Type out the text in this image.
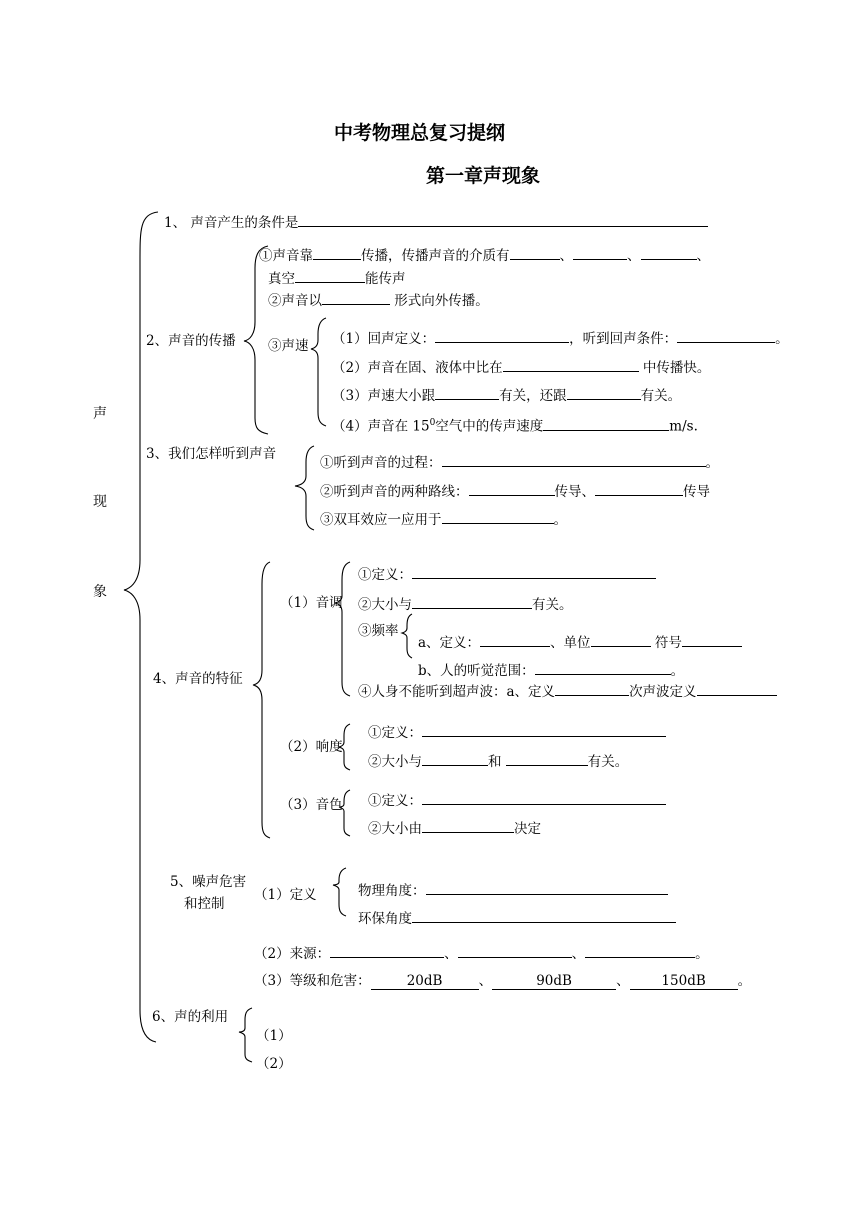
中考物理总复习提纲
第一章声现象
声
现
象
1、 声音产生的条件是
2、声音的传播
①声音靠	传播，传播声音的介质有	、	、	、
真空	能传声
②声音以	形式向外传播。
③声速 （1）回声定义：	，听到回声条件：	。
（2）声音在固、液体中比在	中传播快。
（3）声速大小跟	有关，还跟	有关。
（4）声音在 $15^0$空气中的传声速度	m/s.
3、我们怎样听到声音
①听到声音的过程：	。
②听到声音的两种路线：	传导、	传导
③双耳效应一应用于	。
4、声音的特征
（1）音调
①定义：
②大小与	有关。
③频率
a、定义：	、单位	符号
b、人的听觉范围：	。
④人身不能听到超声波：a、定义	次声波定义
（2）响度
①定义：
②大小与	和	有关。
（3）音色 ①定义：
②大小由	决定
5、噪声危害
和控制
（1）定义	物理角度：
环保角度
（2）来源：	、	、	。
（3）等级和危害：	20dB	、	90dB	、 150dB 。
6、声的利用
（1）
（2）
